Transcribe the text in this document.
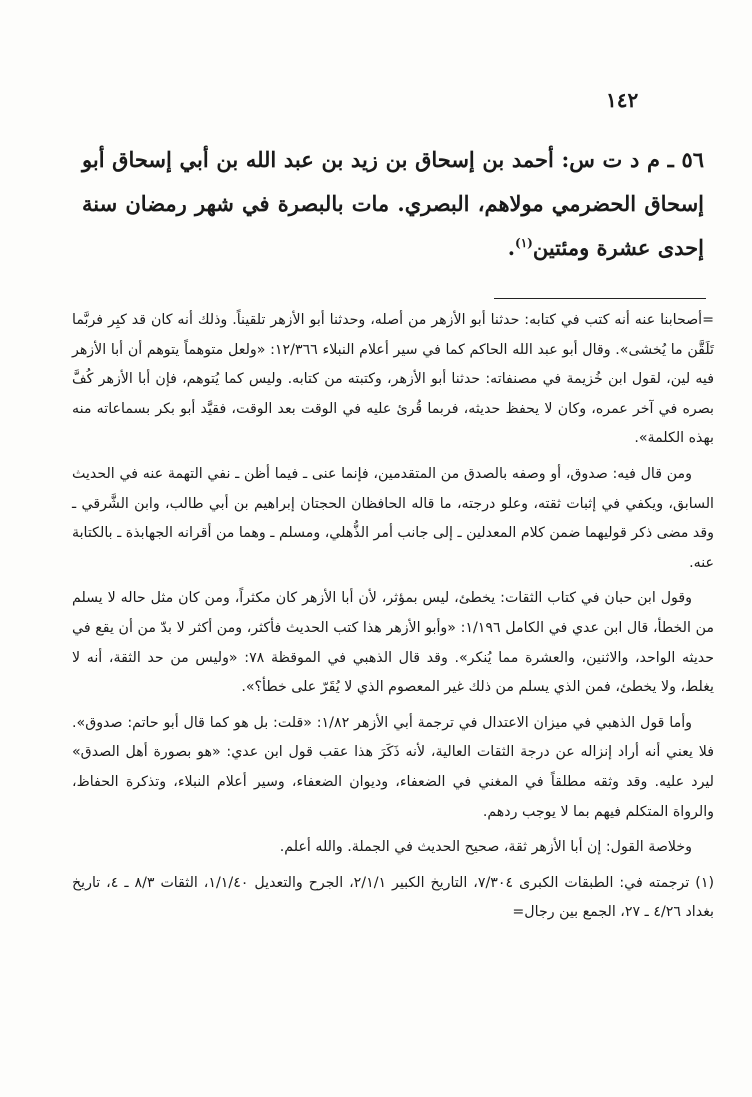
١٤٢
٥٦ ـ م د ت س: أحمد بن إسحاق بن زيد بن عبد الله بن أبي إسحاق أبو إسحاق الحضرمي مولاهم، البصري. مات بالبصرة في شهر رمضان سنة إحدى عشرة ومئتين$^{(١)}$.

=أصحابنا عنه أنه كتب في كتابه: حدثنا أبو الأزهر من أصله، وحدثنا أبو الأزهر تلقيناً. وذلك أنه كان قد كبِر فربَّما تَلَقَّن ما يُخشى». وقال أبو عبد الله الحاكم كما في سير أعلام النبلاء ١٢/٣٦٦: «ولعل متوهماً يتوهم أن أبا الأزهر فيه لين، لقول ابن خُزيمة في مصنفاته: حدثنا أبو الأزهر، وكتبته من كتابه. وليس كما يُتوهم، فإن أبا الأزهر كُفَّ بصره في آخر عمره، وكان لا يحفظ حديثه، فربما قُرئ عليه في الوقت بعد الوقت، فقيَّد أبو بكر بسماعاته منه بهذه الكلمة».

ومن قال فيه: صدوق، أو وصفه بالصدق من المتقدمين، فإنما عنى ـ فيما أظن ـ نفي التهمة عنه في الحديث السابق، ويكفي في إثبات ثقته، وعلو درجته، ما قاله الحافظان الحجتان إبراهيم بن أبي طالب، وابن الشَّرقي ـ وقد مضى ذكر قوليهما ضمن كلام المعدلين ـ إلى جانب أمر الذُّهلي، ومسلم ـ وهما من أقرانه الجهابذة ـ بالكتابة عنه.

وقول ابن حبان في كتاب الثقات: يخطئ، ليس بمؤثر، لأن أبا الأزهر كان مكثراً، ومن كان مثل حاله لا يسلم من الخطأ، قال ابن عدي في الكامل ١/١٩٦: «وأبو الأزهر هذا كتب الحديث فأكثر، ومن أكثر لا بدّ من أن يقع في حديثه الواحد، والاثنين، والعشرة مما يُنكر». وقد قال الذهبي في الموقظة ٧٨: «وليس من حد الثقة، أنه لا يغلط، ولا يخطئ، فمن الذي يسلم من ذلك غير المعصوم الذي لا يُقَرّ على خطأ؟».

وأما قول الذهبي في ميزان الاعتدال في ترجمة أبي الأزهر ١/٨٢: «قلت: بل هو كما قال أبو حاتم: صدوق». فلا يعني أنه أراد إنزاله عن درجة الثقات العالية، لأنه ذَكَرَ هذا عقب قول ابن عدي: «هو بصورة أهل الصدق» ليرد عليه. وقد وثقه مطلقاً في المغني في الضعفاء، وديوان الضعفاء، وسير أعلام النبلاء، وتذكرة الحفاظ، والرواة المتكلم فيهم بما لا يوجب ردهم.

وخلاصة القول: إن أبا الأزهر ثقة، صحيح الحديث في الجملة. والله أعلم.

(١) ترجمته في: الطبقات الكبرى ٧/٣٠٤، التاريخ الكبير ٢/١/١، الجرح والتعديل ١/١/٤٠، الثقات ٨/٣ ـ ٤، تاريخ بغداد ٤/٢٦ ـ ٢٧، الجمع بين رجال=
